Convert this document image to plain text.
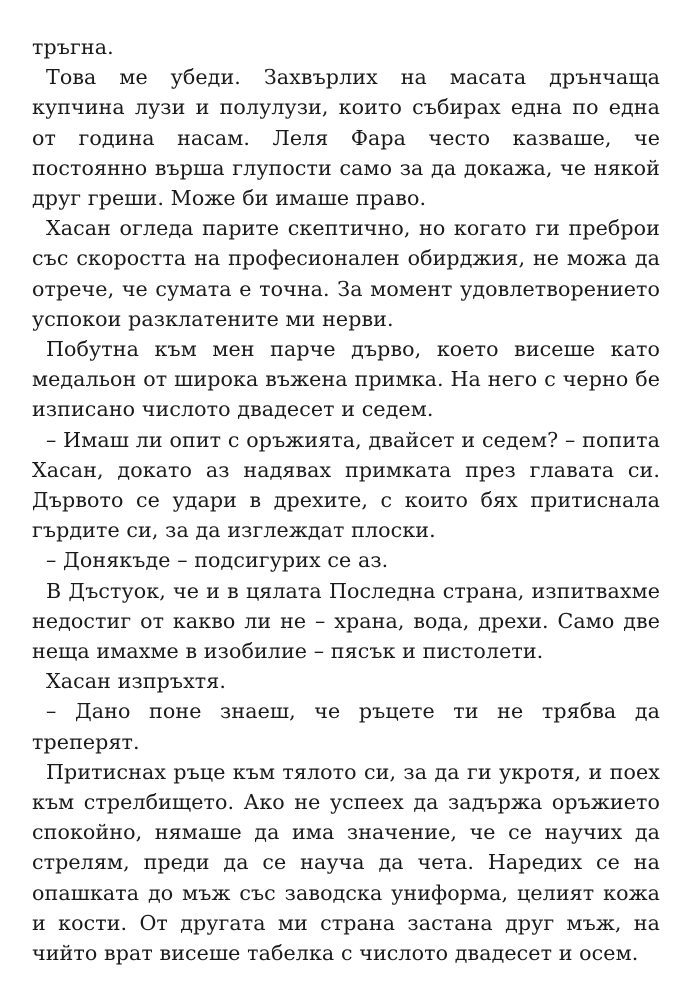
тръгна.

Това ме убеди. Захвърлих на масата дрънчаща купчина лузи и полулузи, които събирах една по една от година насам. Леля Фара често казваше, че постоянно върша глупости само за да докажа, че някой друг греши. Може би имаше право.

Хасан огледа парите скептично, но когато ги преброи със скоростта на професионален обирджия, не можа да отрече, че сумата е точна. За момент удовлетворението успокои разклатените ми нерви.

Побутна към мен парче дърво, което висеше като медальон от широка въжена примка. На него с черно бе изписано числото двадесет и седем.

– Имаш ли опит с оръжията, двайсет и седем? – попита Хасан, докато аз надявах примката през главата си. Дървото се удари в дрехите, с които бях притиснала гърдите си, за да изглеждат плоски.

– Донякъде – подсигурих се аз.

В Дъстуок, че и в цялата Последна страна, изпитвахме недостиг от какво ли не – храна, вода, дрехи. Само две неща имахме в изобилие – пясък и пистолети.

Хасан изпръхтя.

– Дано поне знаеш, че ръцете ти не трябва да треперят.

Притиснах ръце към тялото си, за да ги укротя, и поех към стрелбището. Ако не успеех да задържа оръжието спокойно, нямаше да има значение, че се научих да стрелям, преди да се науча да чета. Наредих се на опашката до мъж със заводска униформа, целият кожа и кости. От другата ми страна застана друг мъж, на чийто врат висеше табелка с числото двадесет и осем.
